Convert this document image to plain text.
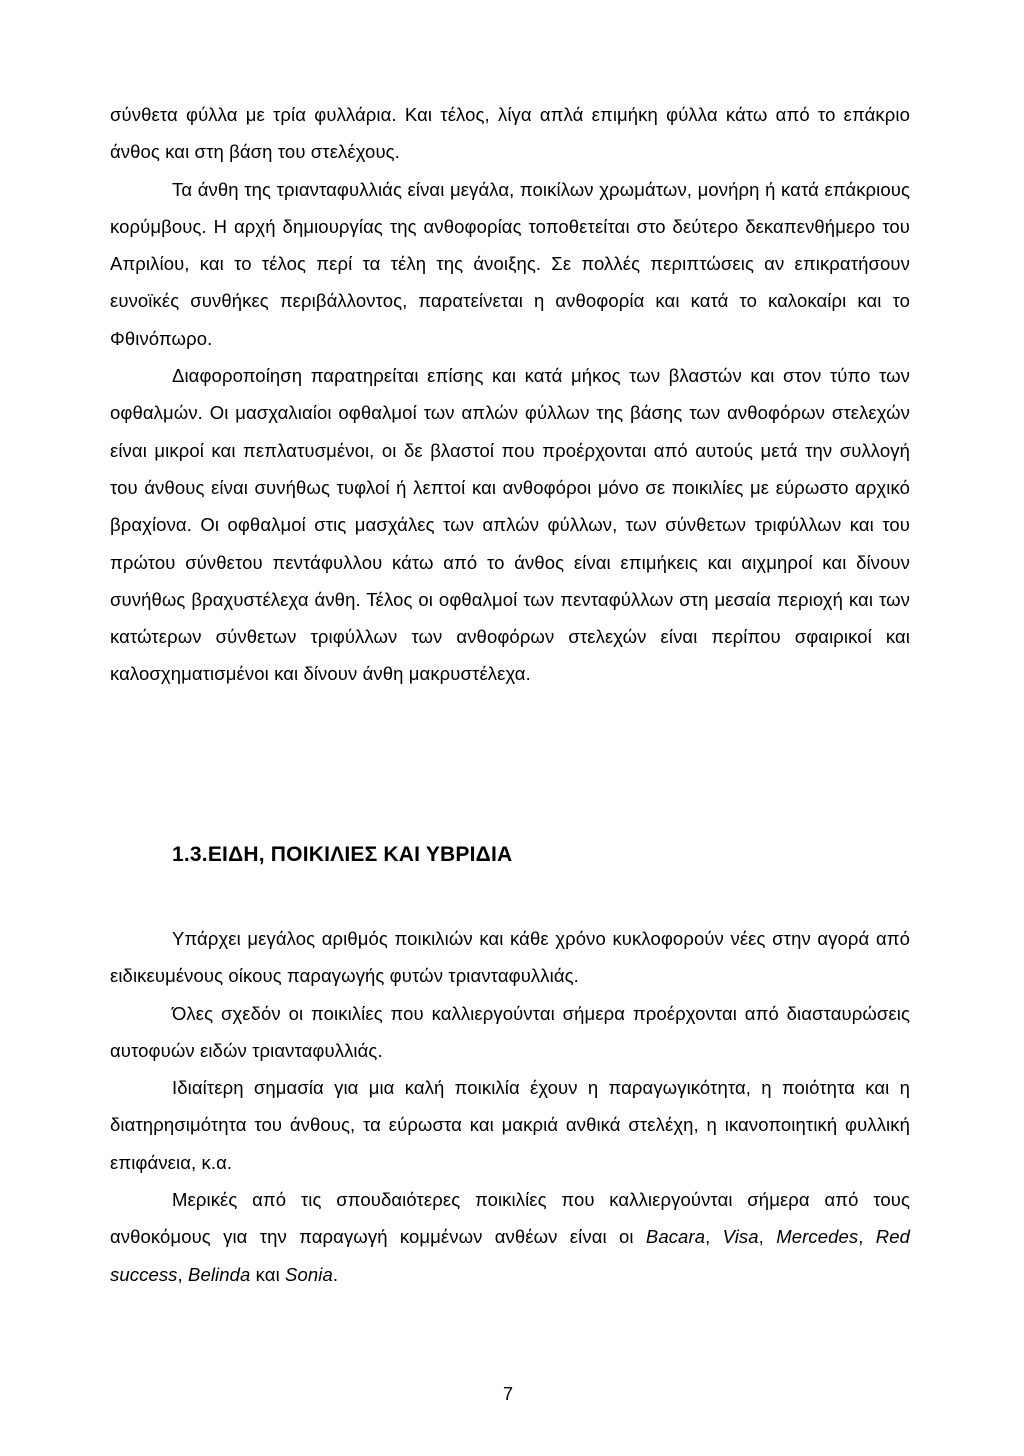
σύνθετα φύλλα με τρία φυλλάρια. Και τέλος, λίγα απλά επιμήκη φύλλα κάτω από το επάκριο άνθος και στη βάση του στελέχους.

Τα άνθη της τριανταφυλλιάς είναι μεγάλα, ποικίλων χρωμάτων, μονήρη ή κατά επάκριους κορύμβους. Η αρχή δημιουργίας της ανθοφορίας τοποθετείται στο δεύτερο δεκαπενθήμερο του Απριλίου, και το τέλος περί τα τέλη της άνοιξης. Σε πολλές περιπτώσεις αν επικρατήσουν ευνοϊκές συνθήκες περιβάλλοντος, παρατείνεται η ανθοφορία και κατά το καλοκαίρι και το Φθινόπωρο.

Διαφοροποίηση παρατηρείται επίσης και κατά μήκος των βλαστών και στον τύπο των οφθαλμών. Οι μασχαλιαίοι οφθαλμοί των απλών φύλλων της βάσης των ανθοφόρων στελεχών είναι μικροί και πεπλατυσμένοι, οι δε βλαστοί που προέρχονται από αυτούς μετά την συλλογή του άνθους είναι συνήθως τυφλοί ή λεπτοί και ανθοφόροι μόνο σε ποικιλίες με εύρωστο αρχικό βραχίονα. Οι οφθαλμοί στις μασχάλες των απλών φύλλων, των σύνθετων τριφύλλων και του πρώτου σύνθετου πεντάφυλλου κάτω από το άνθος είναι επιμήκεις και αιχμηροί και δίνουν συνήθως βραχυστέλεχα άνθη. Τέλος οι οφθαλμοί των πενταφύλλων στη μεσαία περιοχή και των κατώτερων σύνθετων τριφύλλων των ανθοφόρων στελεχών είναι περίπου σφαιρικοί και καλοσχηματισμένοι και δίνουν άνθη μακρυστέλεχα.

1.3.ΕΙΔΗ, ΠΟΙΚΙΛΙΕΣ ΚΑΙ ΥΒΡΙΔΙΑ

Υπάρχει μεγάλος αριθμός ποικιλιών και κάθε χρόνο κυκλοφορούν νέες στην αγορά από ειδικευμένους οίκους παραγωγής φυτών τριανταφυλλιάς.

Όλες σχεδόν οι ποικιλίες που καλλιεργούνται σήμερα προέρχονται από διασταυρώσεις αυτοφυών ειδών τριανταφυλλιάς.

Ιδιαίτερη σημασία για μια καλή ποικιλία έχουν η παραγωγικότητα, η ποιότητα και η διατηρησιμότητα του άνθους, τα εύρωστα και μακριά ανθικά στελέχη, η ικανοποιητική φυλλική επιφάνεια, κ.α.

Μερικές από τις σπουδαιότερες ποικιλίες που καλλιεργούνται σήμερα από τους ανθοκόμους για την παραγωγή κομμένων ανθέων είναι οι Bacara, Visa, Mercedes, Red success, Belinda και Sonia.

7
